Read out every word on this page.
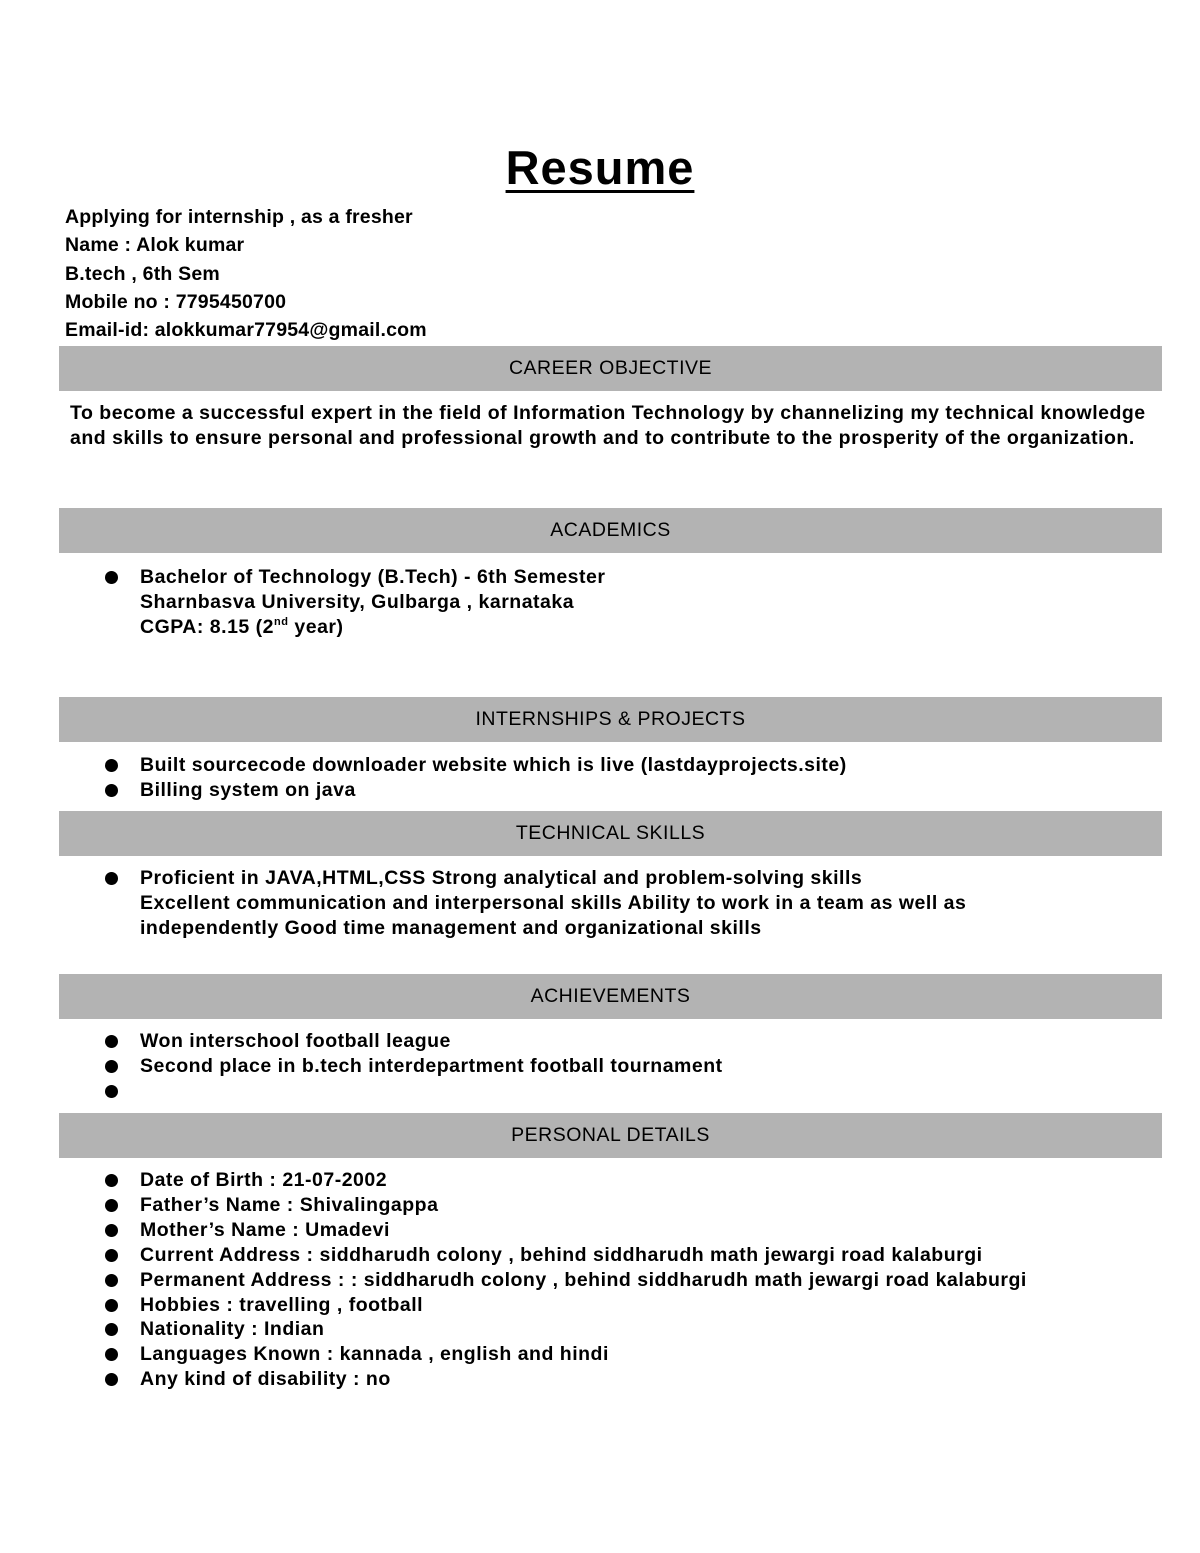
Resume
Applying for internship , as a fresher
Name : Alok kumar
B.tech , 6th Sem
Mobile no : 7795450700
Email-id: alokkumar77954@gmail.com
CAREER OBJECTIVE
To become a successful expert in the field of Information Technology by channelizing my technical knowledge and skills to ensure personal and professional growth and to contribute to the prosperity of the organization.
ACADEMICS
Bachelor of Technology (B.Tech) - 6th Semester
Sharnbasva University, Gulbarga , karnataka
CGPA: 8.15 (2nd year)
INTERNSHIPS & PROJECTS
Built sourcecode downloader website which is live (lastdayprojects.site)
Billing system on java
TECHNICAL SKILLS
Proficient in JAVA,HTML,CSS Strong analytical and problem-solving skills
Excellent communication and interpersonal skills Ability to work in a team as well as
independently Good time management and organizational skills
ACHIEVEMENTS
Won interschool football league
Second place in b.tech interdepartment football tournament
PERSONAL DETAILS
Date of Birth : 21-07-2002
Father’s Name : Shivalingappa
Mother’s Name : Umadevi
Current Address : siddharudh colony , behind siddharudh math jewargi road kalaburgi
Permanent Address : : siddharudh colony , behind siddharudh math jewargi road kalaburgi
Hobbies : travelling , football
Nationality : Indian
Languages Known : kannada , english and hindi
Any kind of disability : no
